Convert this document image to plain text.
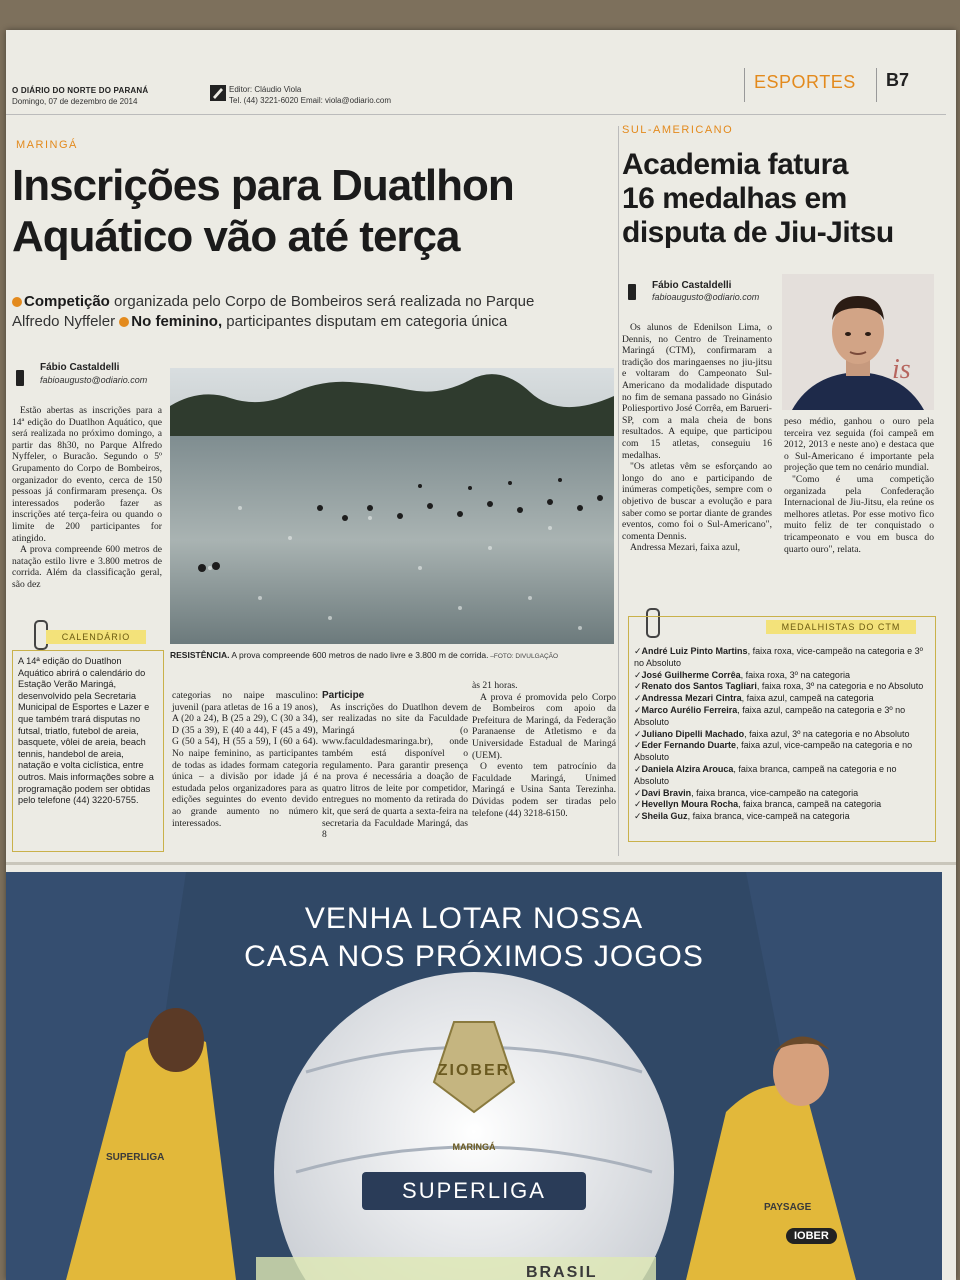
O DIÁRIO DO NORTE DO PARANÁ
Domingo, 07 de dezembro de 2014
Editor: Cláudio Viola
Tel. (44) 3221-6020 Email: viola@odiario.com
ESPORTES B7
MARINGÁ
Inscrições para Duatlhon
Aquático vão até terça
Competição organizada pelo Corpo de Bombeiros será realizada no Parque
Alfredo Nyffeler No feminino, participantes disputam em categoria única
Fábio Castaldelli
fabioaugusto@odiario.com

Estão abertas as inscrições para a 14ª edição do Duatlhon Aquático, que será realizada no próximo domingo, a partir das 8h30, no Parque Alfredo Nyffeler, o Buracão. Segundo o 5º Grupamento do Corpo de Bombeiros, organizador do evento, cerca de 150 pessoas já confirmaram presença. Os interessados poderão fazer as inscrições até terça-feira ou quando o limite de 200 participantes for atingido.

A prova compreende 600 metros de natação estilo livre e 3.800 metros de corrida. Além da classificação geral, são dez

RESISTÊNCIA. A prova compreende 600 metros de nado livre e 3.800 m de corrida. –FOTO: DIVULGAÇÃO
CALENDÁRIO
A 14ª edição do Duatlhon Aquático abrirá o calendário do Estação Verão Maringá, desenvolvido pela Secretaria Municipal de Esportes e Lazer e que também trará disputas no futsal, triatlo, futebol de areia, basquete, vôlei de areia, beach tennis, handebol de areia, natação e volta ciclística, entre outros. Mais informações sobre a programação podem ser obtidas pelo telefone (44) 3220-5755.
categorias no naipe masculino: juvenil (para atletas de 16 a 19 anos), A (20 a 24), B (25 a 29), C (30 a 34), D (35 a 39), E (40 a 44), F (45 a 49), G (50 a 54), H (55 a 59), I (60 a 64). No naipe feminino, as participantes de todas as idades formam categoria única – a divisão por idade já é estudada pelos organizadores para as edições seguintes do evento devido ao grande aumento no número interessados.
Participe

As inscrições do Duatlhon devem ser realizadas no site da Faculdade Maringá (o www.faculdadesmaringa.br), onde também está disponível o regulamento. Para garantir presença na prova é necessária a doação de quatro litros de leite por competidor, entregues no momento da retirada do kit, que será de quarta a sexta-feira na secretaria da Faculdade Maringá, das 8

às 21 horas.

A prova é promovida pelo Corpo de Bombeiros com apoio da Prefeitura de Maringá, da Federação Paranaense de Atletismo e da Universidade Estadual de Maringá (UEM).

O evento tem patrocínio da Faculdade Maringá, Unimed Maringá e Usina Santa Terezinha. Dúvidas podem ser tiradas pelo telefone (44) 3218-6150.

SUL-AMERICANO
Academia fatura
16 medalhas em
disputa de Jiu-Jitsu
Fábio Castaldelli
fabioaugusto@odiario.com
is

Os alunos de Edenilson Lima, o Dennis, no Centro de Treinamento Maringá (CTM), confirmaram a tradição dos maringaenses no jiu-jitsu e voltaram do Campeonato Sul-Americano da modalidade disputado no fim de semana passado no Ginásio Poliesportivo José Corrêa, em Barueri-SP, com a mala cheia de bons resultados. A equipe, que participou com 15 atletas, conseguiu 16 medalhas.

"Os atletas vêm se esforçando ao longo do ano e participando de inúmeras competições, sempre com o objetivo de buscar a evolução e para saber como se portar diante de grandes eventos, como foi o Sul-Americano", comenta Dennis.

Andressa Mezari, faixa azul,

peso médio, ganhou o ouro pela terceira vez seguida (foi campeã em 2012, 2013 e neste ano) e destaca que o Sul-Americano é importante pela projeção que tem no cenário mundial.

"Como é uma competição organizada pela Confederação Internacional de Jiu-Jitsu, ela reúne os melhores atletas. Por esse motivo fico muito feliz de ter conquistado o tricampeonato e vou em busca do quarto ouro", relata.

MEDALHISTAS DO CTM
✓André Luiz Pinto Martins, faixa roxa, vice-campeão na categoria e 3º no Absoluto
✓José Guilherme Corrêa, faixa roxa, 3º na categoria
✓Renato dos Santos Tagliari, faixa roxa, 3º na categoria e no Absoluto
✓Andressa Mezari Cintra, faixa azul, campeã na categoria
✓Marco Aurélio Ferreira, faixa azul, campeão na categoria e 3º no Absoluto
✓Juliano Dipelli Machado, faixa azul, 3º na categoria e no Absoluto
✓Eder Fernando Duarte, faixa azul, vice-campeão na categoria e no Absoluto
✓Daniela Alzira Arouca, faixa branca, campeã na categoria e no Absoluto
✓Davi Bravin, faixa branca, vice-campeão na categoria
✓Hevellyn Moura Rocha, faixa branca, campeã na categoria
✓Sheila Guz, faixa branca, vice-campeã na categoria
VENHA LOTAR NOSSA
CASA NOS PRÓXIMOS JOGOS
ZIOBER
MARINGÁ
SUPERLIGA
SUPERLIGA
PAYSAGE
IOBER
BRASIL
